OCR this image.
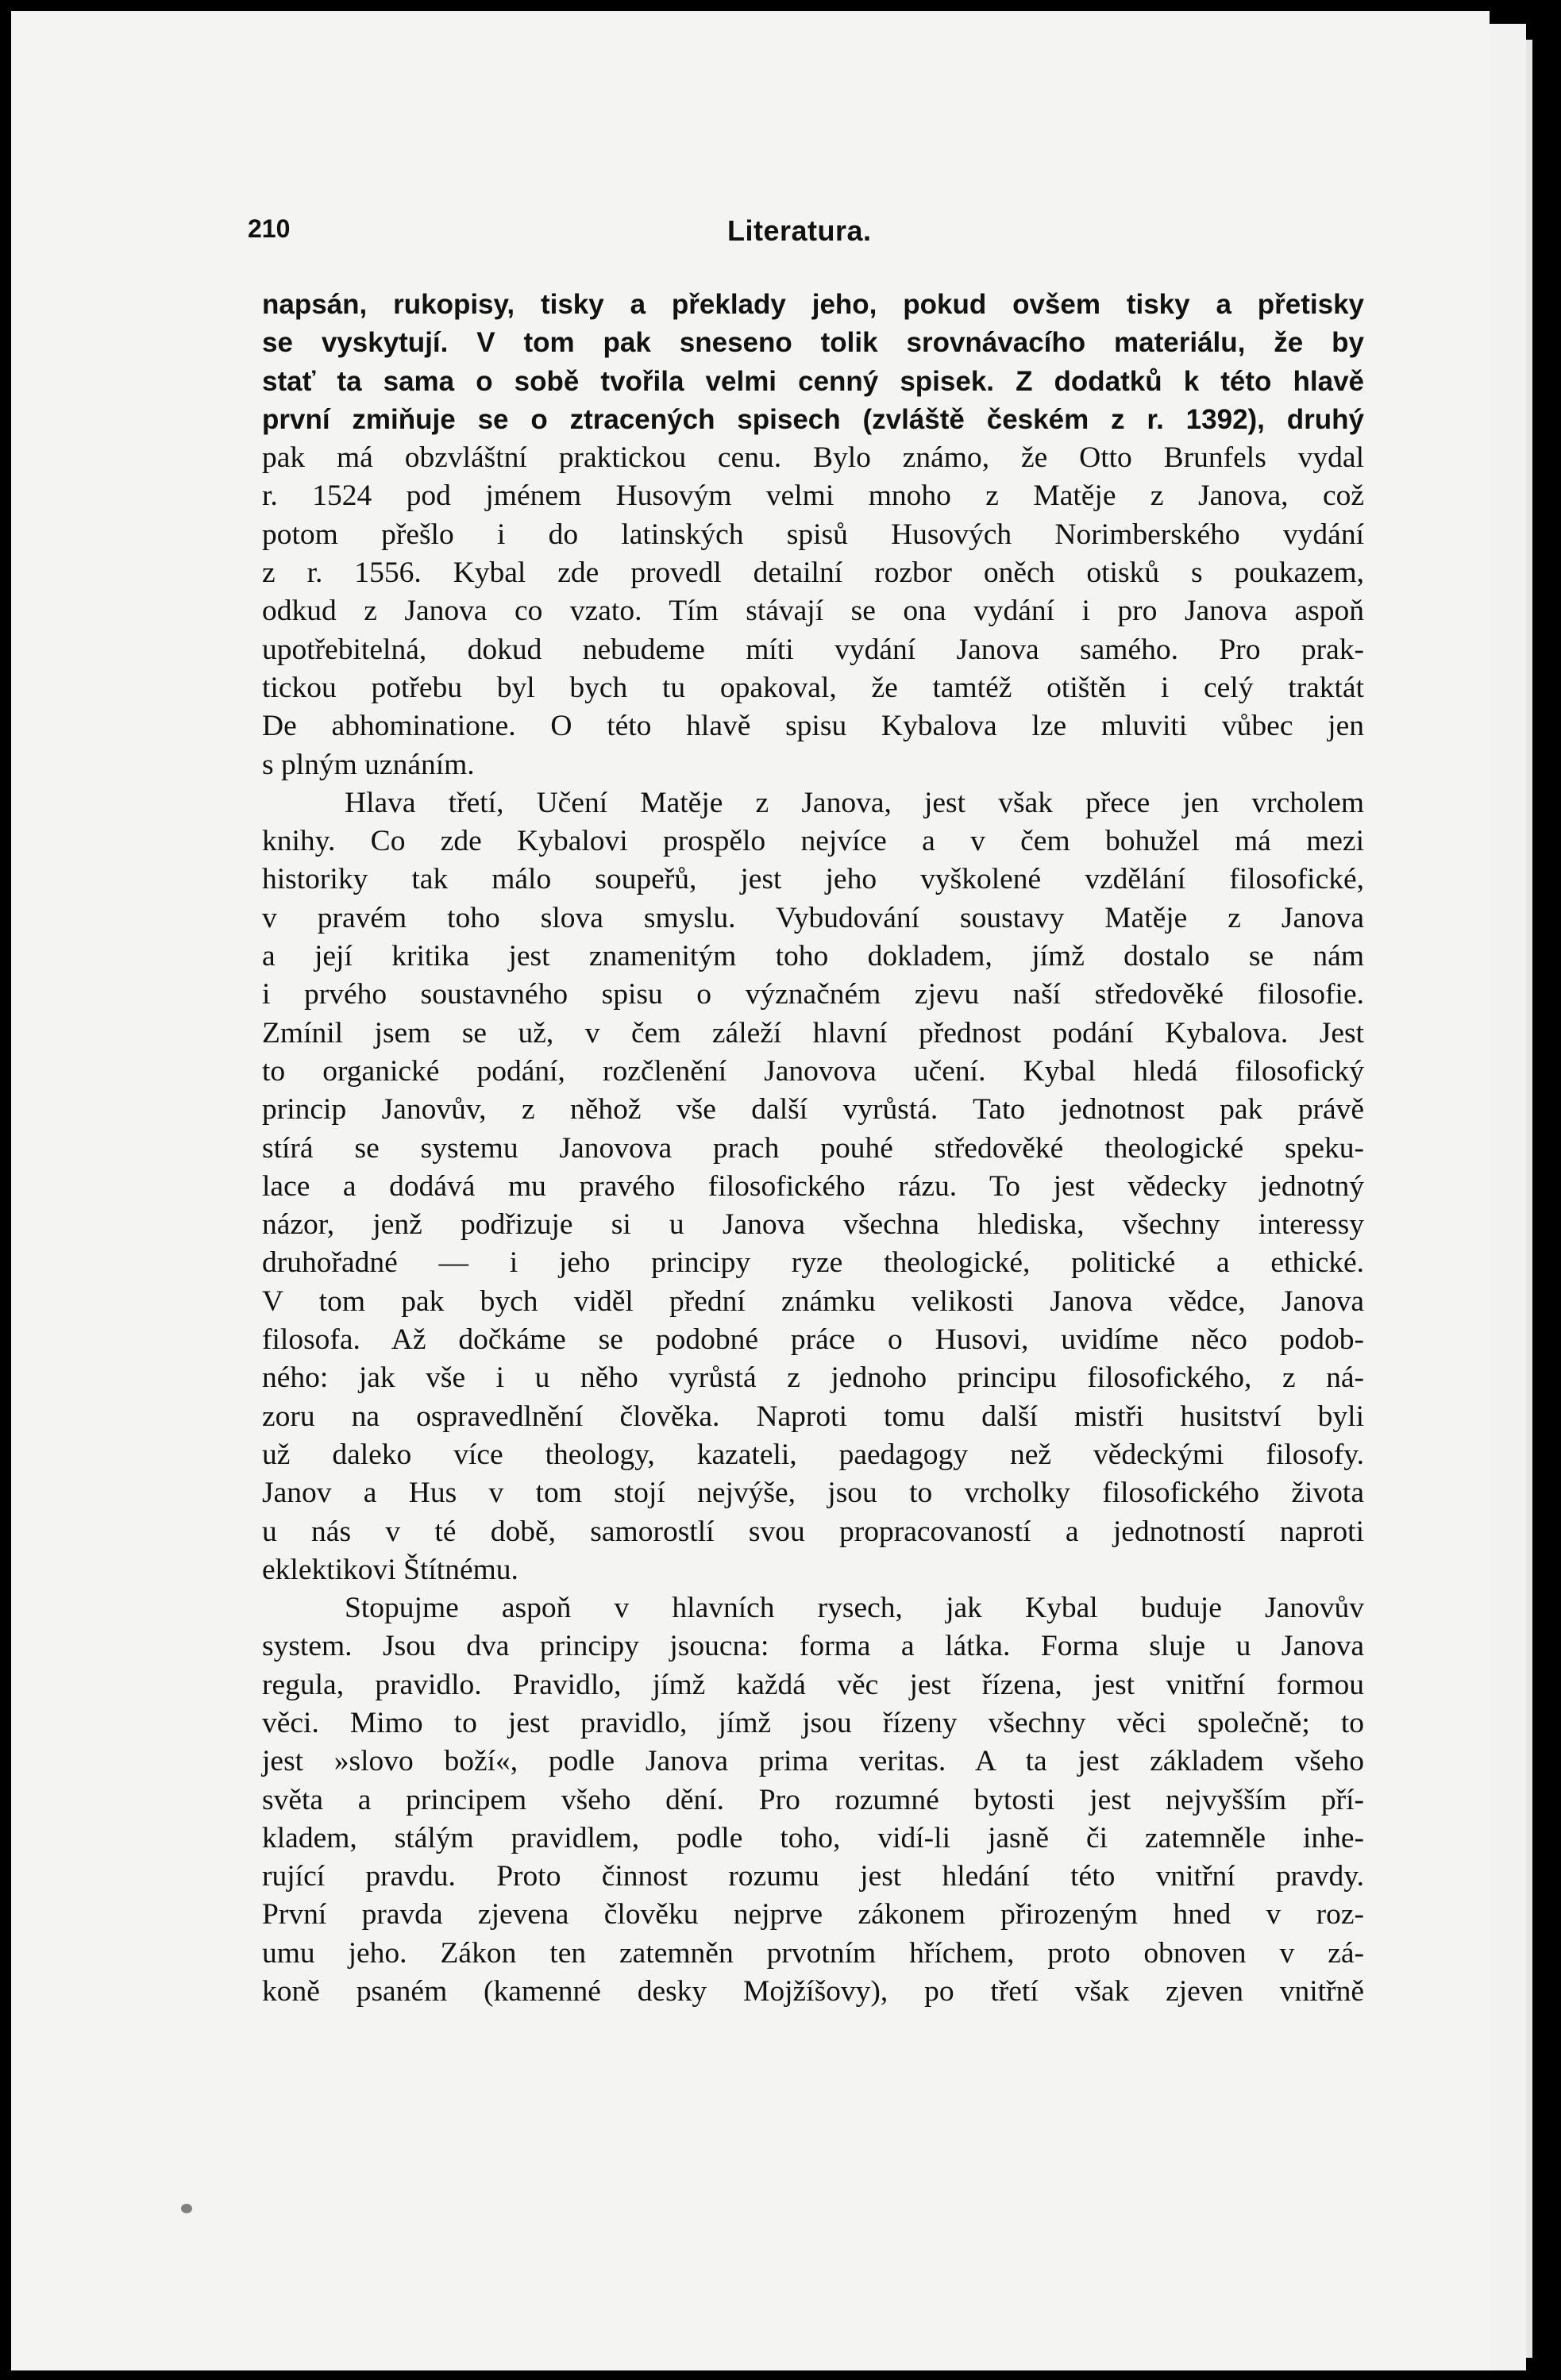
210	Literatura.
napsán, rukopisy, tisky a překlady jeho, pokud ovšem tisky a přetisky
se vyskytují. V tom pak sneseno tolik srovnávacího materiálu, že by
stať ta sama o sobě tvořila velmi cenný spisek. Z dodatků k této hlavě
první zmiňuje se o ztracených spisech (zvláště českém z r. 1392), druhý
pak má obzvláštní praktickou cenu. Bylo známo, že Otto Brunfels vydal
r. 1524 pod jménem Husovým velmi mnoho z Matěje z Janova, což
potom přešlo i do latinských spisů Husových Norimberského vydání
z r. 1556. Kybal zde provedl detailní rozbor oněch otisků s poukazem,
odkud z Janova co vzato. Tím stávají se ona vydání i pro Janova aspoň
upotřebitelná, dokud nebudeme míti vydání Janova samého. Pro prak-
tickou potřebu byl bych tu opakoval, že tamtéž otištěn i celý traktát
De abhominatione. O této hlavě spisu Kybalova lze mluviti vůbec jen
s plným uznáním.
Hlava třetí, Učení Matěje z Janova, jest však přece jen vrcholem
knihy. Co zde Kybalovi prospělo nejvíce a v čem bohužel má mezi
historiky tak málo soupeřů, jest jeho vyškolené vzdělání filosofické,
v pravém toho slova smyslu. Vybudování soustavy Matěje z Janova
a její kritika jest znamenitým toho dokladem, jímž dostalo se nám
i prvého soustavného spisu o význačném zjevu naší středověké filosofie.
Zmínil jsem se už, v čem záleží hlavní přednost podání Kybalova. Jest
to organické podání, rozčlenění Janovova učení. Kybal hledá filosofický
princip Janovův, z něhož vše další vyrůstá. Tato jednotnost pak právě
stírá se systemu Janovova prach pouhé středověké theologické speku-
lace a dodává mu pravého filosofického rázu. To jest vědecky jednotný
názor, jenž podřizuje si u Janova všechna hlediska, všechny interessy
druhořadné — i jeho principy ryze theologické, politické a ethické.
V tom pak bych viděl přední známku velikosti Janova vědce, Janova
filosofa. Až dočkáme se podobné práce o Husovi, uvidíme něco podob-
ného: jak vše i u něho vyrůstá z jednoho principu filosofického, z ná-
zoru na ospravedlnění člověka. Naproti tomu další mistři husitství byli
už daleko více theology, kazateli, paedagogy než vědeckými filosofy.
Janov a Hus v tom stojí nejvýše, jsou to vrcholky filosofického života
u nás v té době, samorostlí svou propracovaností a jednotností naproti
eklektikovi Štítnému.
Stopujme aspoň v hlavních rysech, jak Kybal buduje Janovův
system. Jsou dva principy jsoucna: forma a látka. Forma sluje u Janova
regula, pravidlo. Pravidlo, jímž každá věc jest řízena, jest vnitřní formou
věci. Mimo to jest pravidlo, jímž jsou řízeny všechny věci společně; to
jest »slovo boží«, podle Janova prima veritas. A ta jest základem všeho
světa a principem všeho dění. Pro rozumné bytosti jest nejvyšším pří-
kladem, stálým pravidlem, podle toho, vidí-li jasně či zatemněle inhe-
rující pravdu. Proto činnost rozumu jest hledání této vnitřní pravdy.
První pravda zjevena člověku nejprve zákonem přirozeným hned v roz-
umu jeho. Zákon ten zatemněn prvotním hříchem, proto obnoven v zá-
koně psaném (kamenné desky Mojžíšovy), po třetí však zjeven vnitřně
